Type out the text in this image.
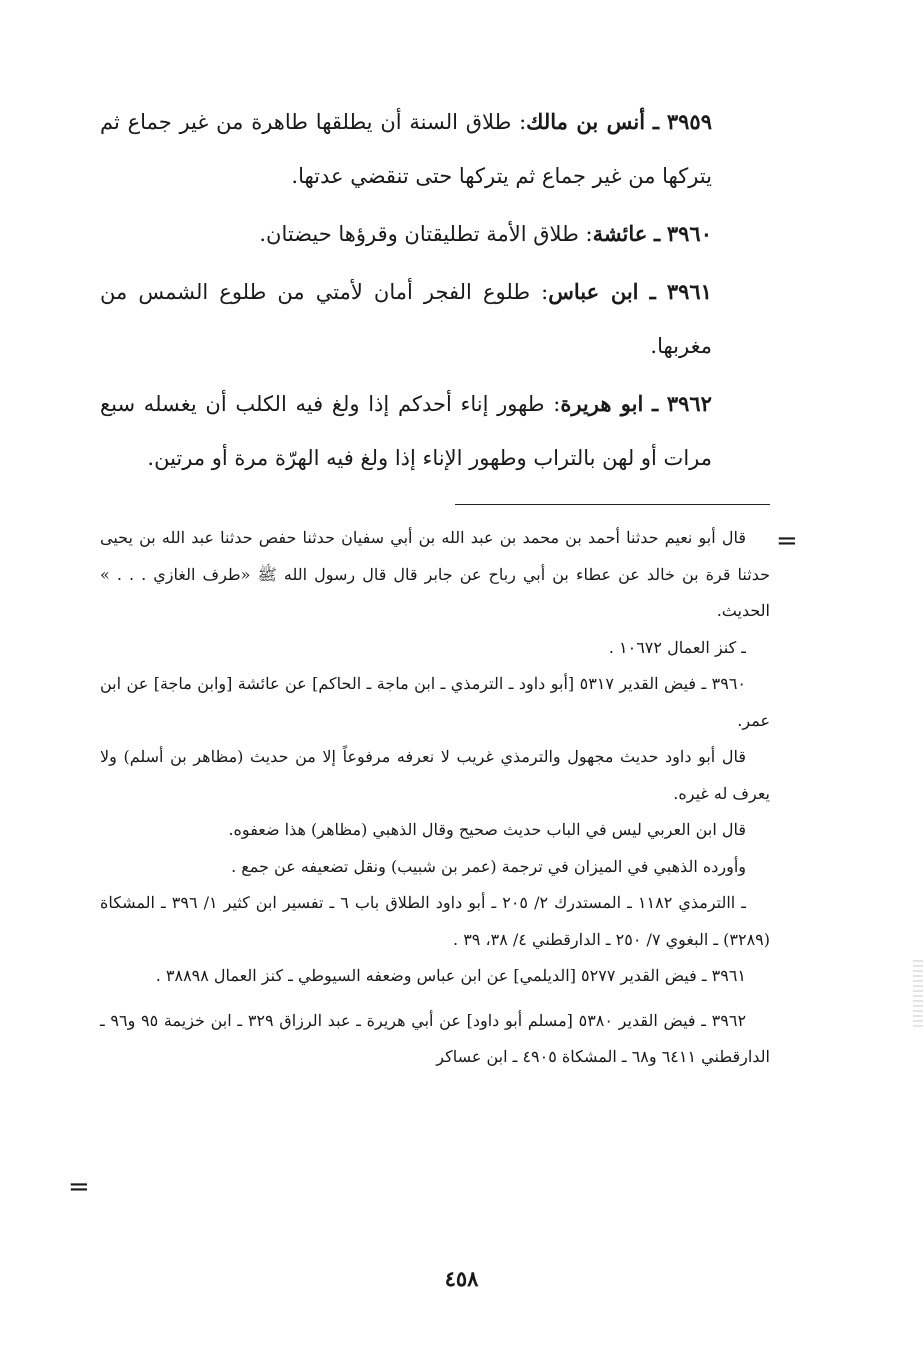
٣٩٥٩ ـ أنس بن مالك: طلاق السنة أن يطلقها طاهرة من غير جماع ثم يتركها من غير جماع ثم يتركها حتى تنقضي عدتها.

٣٩٦٠ ـ عائشة: طلاق الأمة تطليقتان وقرؤها حيضتان.

٣٩٦١ ـ ابن عباس: طلوع الفجر أمان لأمتي من طلوع الشمس من مغربها.

٣٩٦٢ ـ ابو هريرة: طهور إناء أحدكم إذا ولغ فيه الكلب أن يغسله سبع مرات أو لهن بالتراب وطهور الإناء إذا ولغ فيه الهرّة مرة أو مرتين.

=

قال أبو نعيم حدثنا أحمد بن محمد بن عبد الله بن أبي سفيان حدثنا حفص حدثنا عبد الله بن يحيى حدثنا قرة بن خالد عن عطاء بن أبي رباح عن جابر قال قال رسول الله ﷺ «طرف الغازي . . . » الحديث.

ـ كنز العمال ١٠٦٧٢ .

٣٩٦٠ ـ فيض القدير ٥٣١٧ [أبو داود ـ الترمذي ـ ابن ماجة ـ الحاكم] عن عائشة [وابن ماجة] عن ابن عمر.

قال أبو داود حديث مجهول والترمذي غريب لا نعرفه مرفوعاً إلا من حديث (مظاهر بن أسلم) ولا يعرف له غيره.

قال ابن العربي ليس في الباب حديث صحيح وقال الذهبي (مظاهر) هذا ضعفوه.

وأورده الذهبي في الميزان في ترجمة (عمر بن شبيب) ونقل تضعيفه عن جمع .

ـ االترمذي ١١٨٢ ـ المستدرك ٢/ ٢٠٥ ـ أبو داود الطلاق باب ٦ ـ تفسير ابن كثير ١/ ٣٩٦ ـ المشكاة (٣٢٨٩) ـ البغوي ٧/ ٢٥٠ ـ الدارقطني ٤/ ٣٨، ٣٩ .

٣٩٦١ ـ فيض القدير ٥٢٧٧ [الديلمي] عن ابن عباس وضعفه السيوطي ـ كنز العمال ٣٨٨٩٨ .

٣٩٦٢ ـ فيض القدير ٥٣٨٠ [مسلم أبو داود] عن أبي هريرة ـ عبد الرزاق ٣٢٩ ـ ابن خزيمة ٩٥ و٩٦ ـ الدارقطني ٦٤١١ و٦٨ ـ المشكاة ٤٩٠٥ ـ ابن عساكر

=
٤٥٨
